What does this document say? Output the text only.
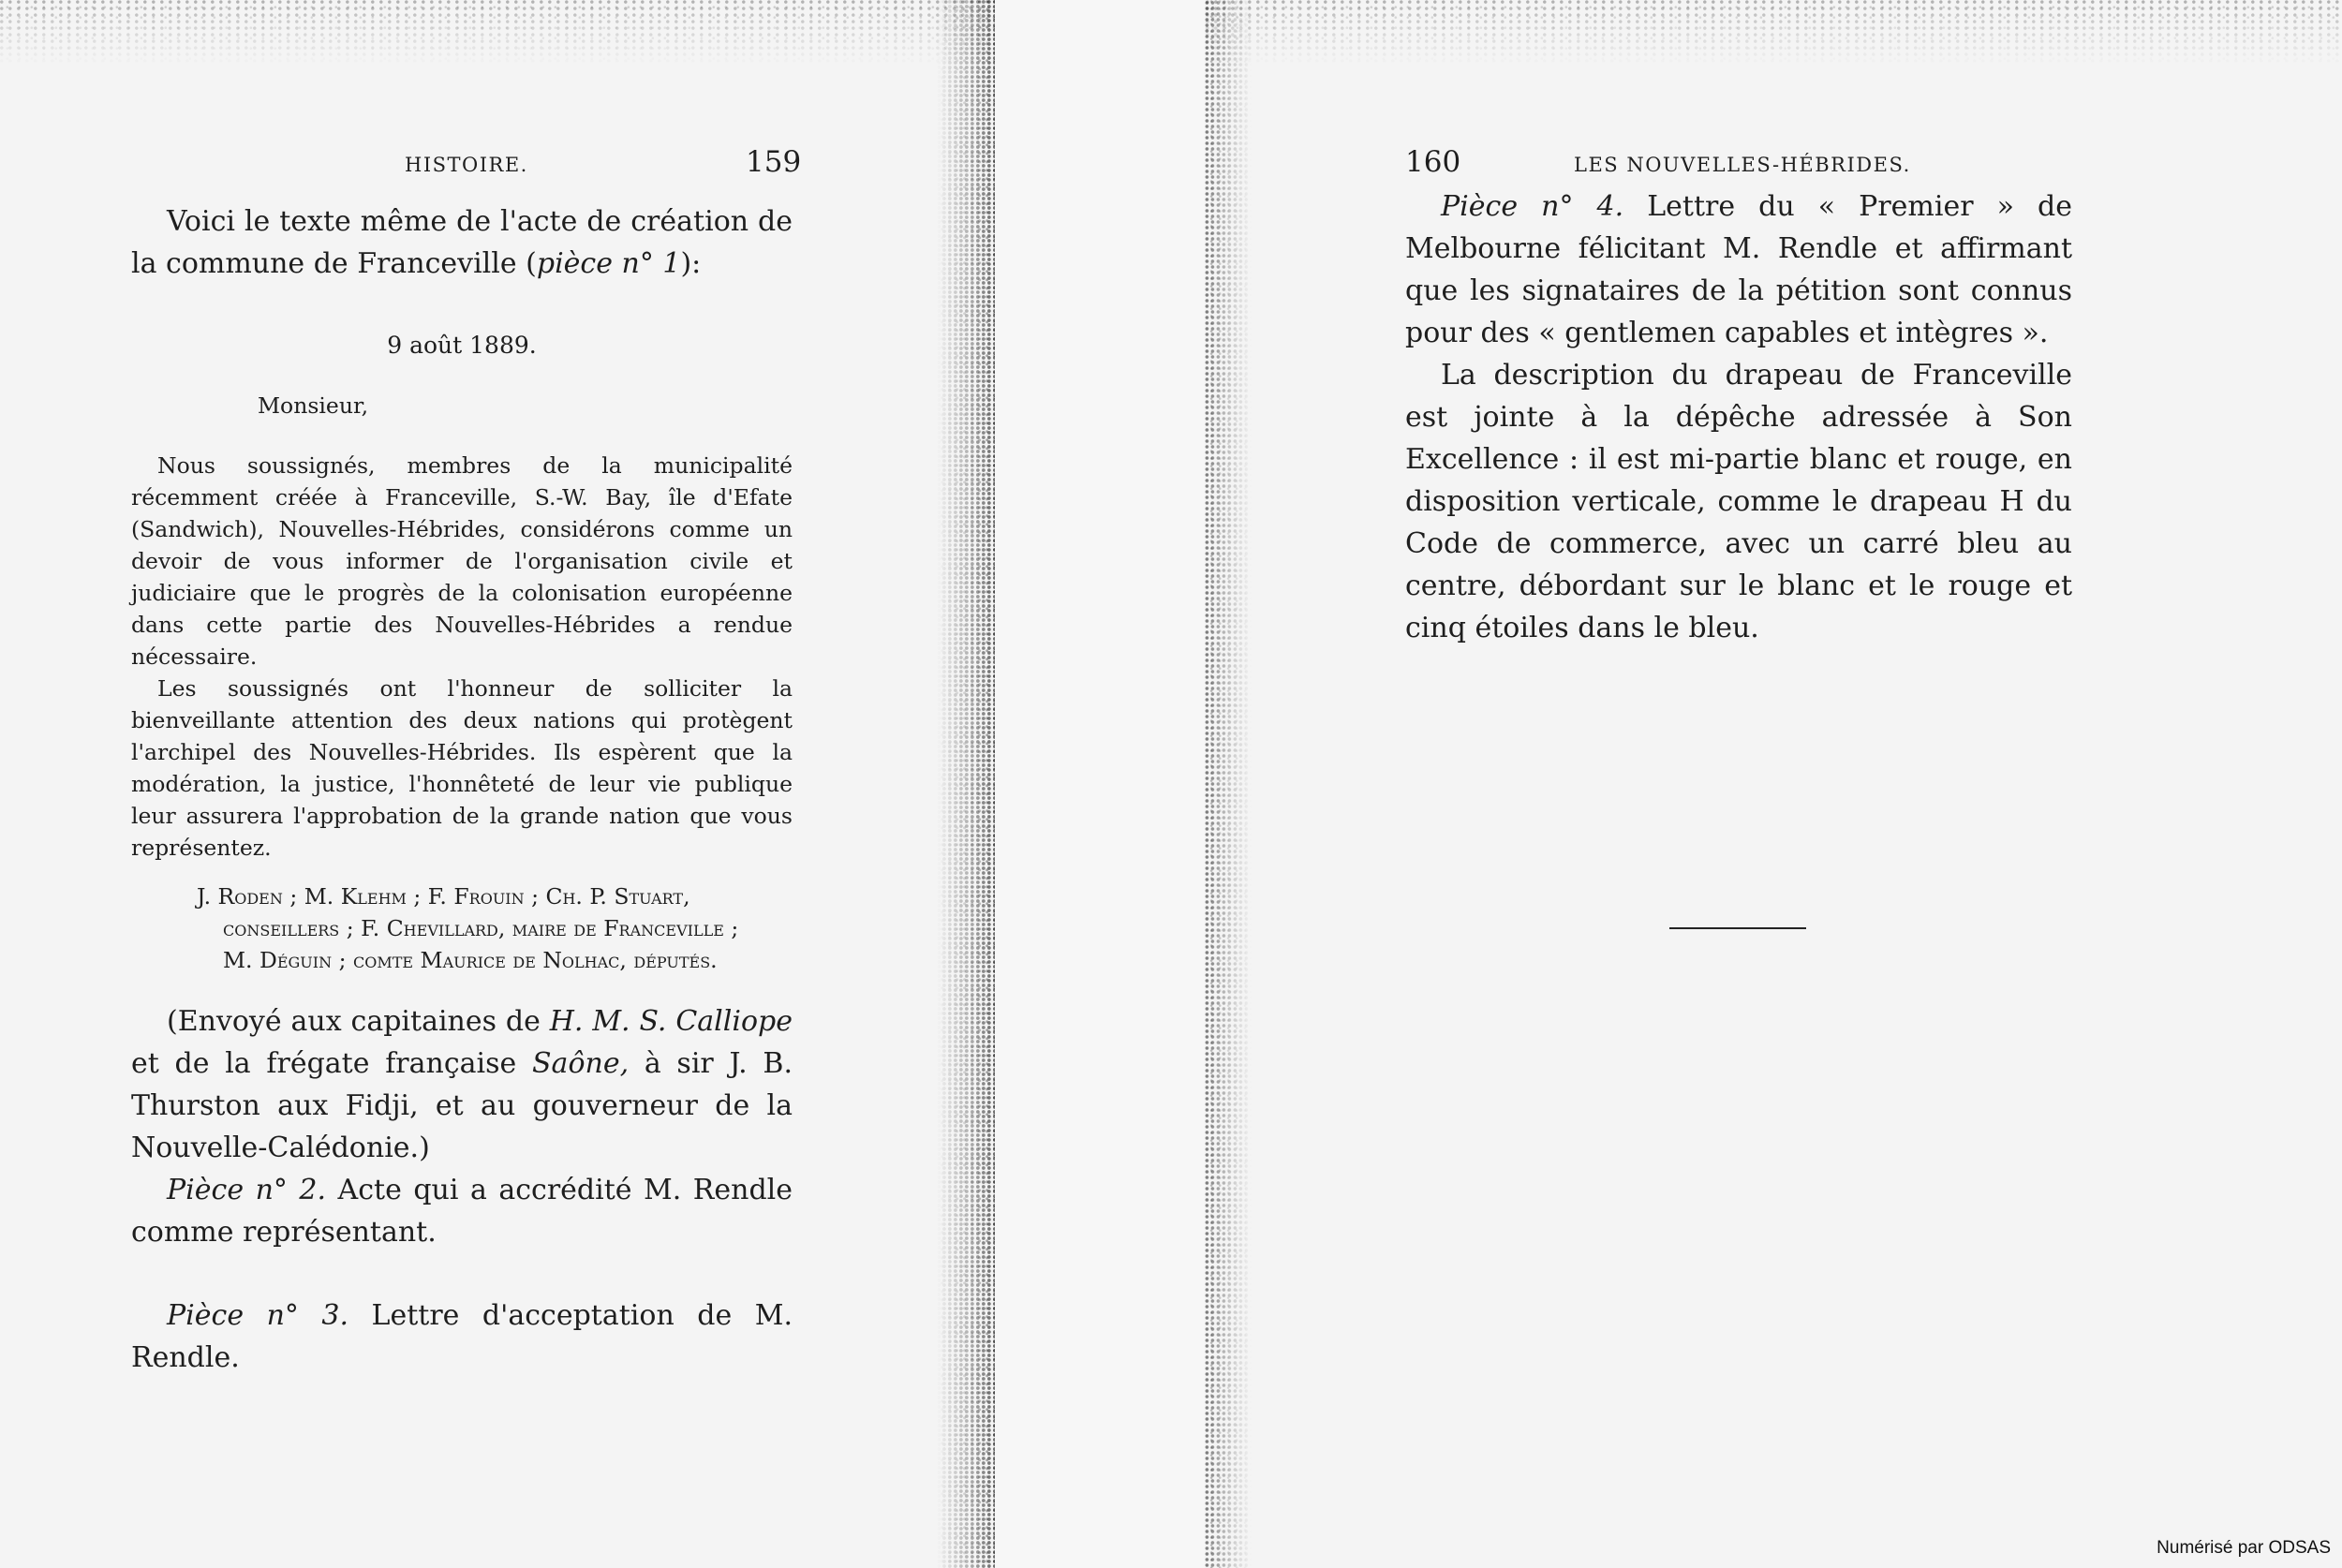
HISTOIRE.	159

Voici le texte même de l'acte de création de la commune de Franceville (pièce n° 1):

9 août 1889.

Monsieur,

Nous soussignés, membres de la municipalité récemment créée à Franceville, S.-W. Bay, île d'Efate (Sandwich), Nouvelles-Hébrides, considérons comme un devoir de vous informer de l'organisation civile et judiciaire que le progrès de la colonisation européenne dans cette partie des Nouvelles-Hébrides a rendue nécessaire.

Les soussignés ont l'honneur de solliciter la bienveillante attention des deux nations qui protègent l'archipel des Nouvelles-Hébrides. Ils espèrent que la modération, la justice, l'honnêteté de leur vie publique leur assurera l'approbation de la grande nation que vous représentez.

J. Roden ; M. Klehm ; F. Frouin ; Ch. P. Stuart,
conseillers ; F. Chevillard, maire de Franceville ;
M. Déguin ; comte Maurice de Nolhac, députés.

(Envoyé aux capitaines de H. M. S. Calliope et de la frégate française Saône, à sir J. B. Thurston aux Fidji, et au gouverneur de la Nouvelle-Calédonie.)

Pièce n° 2. Acte qui a accrédité M. Rendle comme représentant.

Pièce n° 3. Lettre d'acceptation de M. Rendle.

160	LES NOUVELLES-HÉBRIDES.

Pièce n° 4. Lettre du « Premier » de Melbourne félicitant M. Rendle et affirmant que les signataires de la pétition sont connus pour des « gentlemen capables et intègres ».

La description du drapeau de Franceville est jointe à la dépêche adressée à Son Excellence : il est mi-partie blanc et rouge, en disposition verticale, comme le drapeau H du Code de commerce, avec un carré bleu au centre, débordant sur le blanc et le rouge et cinq étoiles dans le bleu.

Numérisé par ODSAS
